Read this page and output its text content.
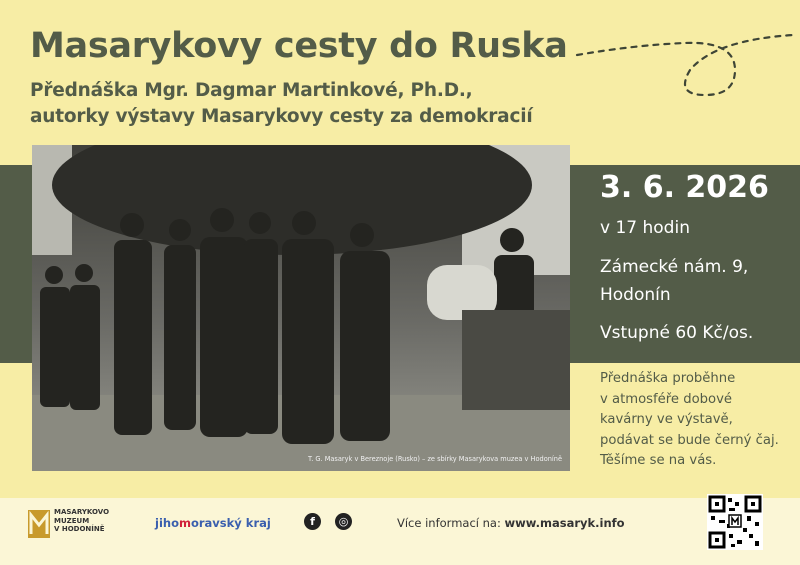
Masarykovy cesty do Ruska
Přednáška Mgr. Dagmar Martinkové, Ph.D.,
autorky výstavy Masarykovy cesty za demokracií
T. G. Masaryk v Bereznoje (Rusko) – ze sbírky Masarykova muzea v Hodoníně
3. 6. 2026
v 17 hodin
Zámecké nám. 9,
Hodonín
Vstupné 60 Kč/os.
Přednáška proběhne
v atmosféře dobové
kavárny ve výstavě,
podávat se bude černý čaj.
Těšíme se na vás.
MASARYKOVO
MUZEUM
V HODONÍNĚ	jihomoravský kraj	f	◎	Více informací na: www.masaryk.info
